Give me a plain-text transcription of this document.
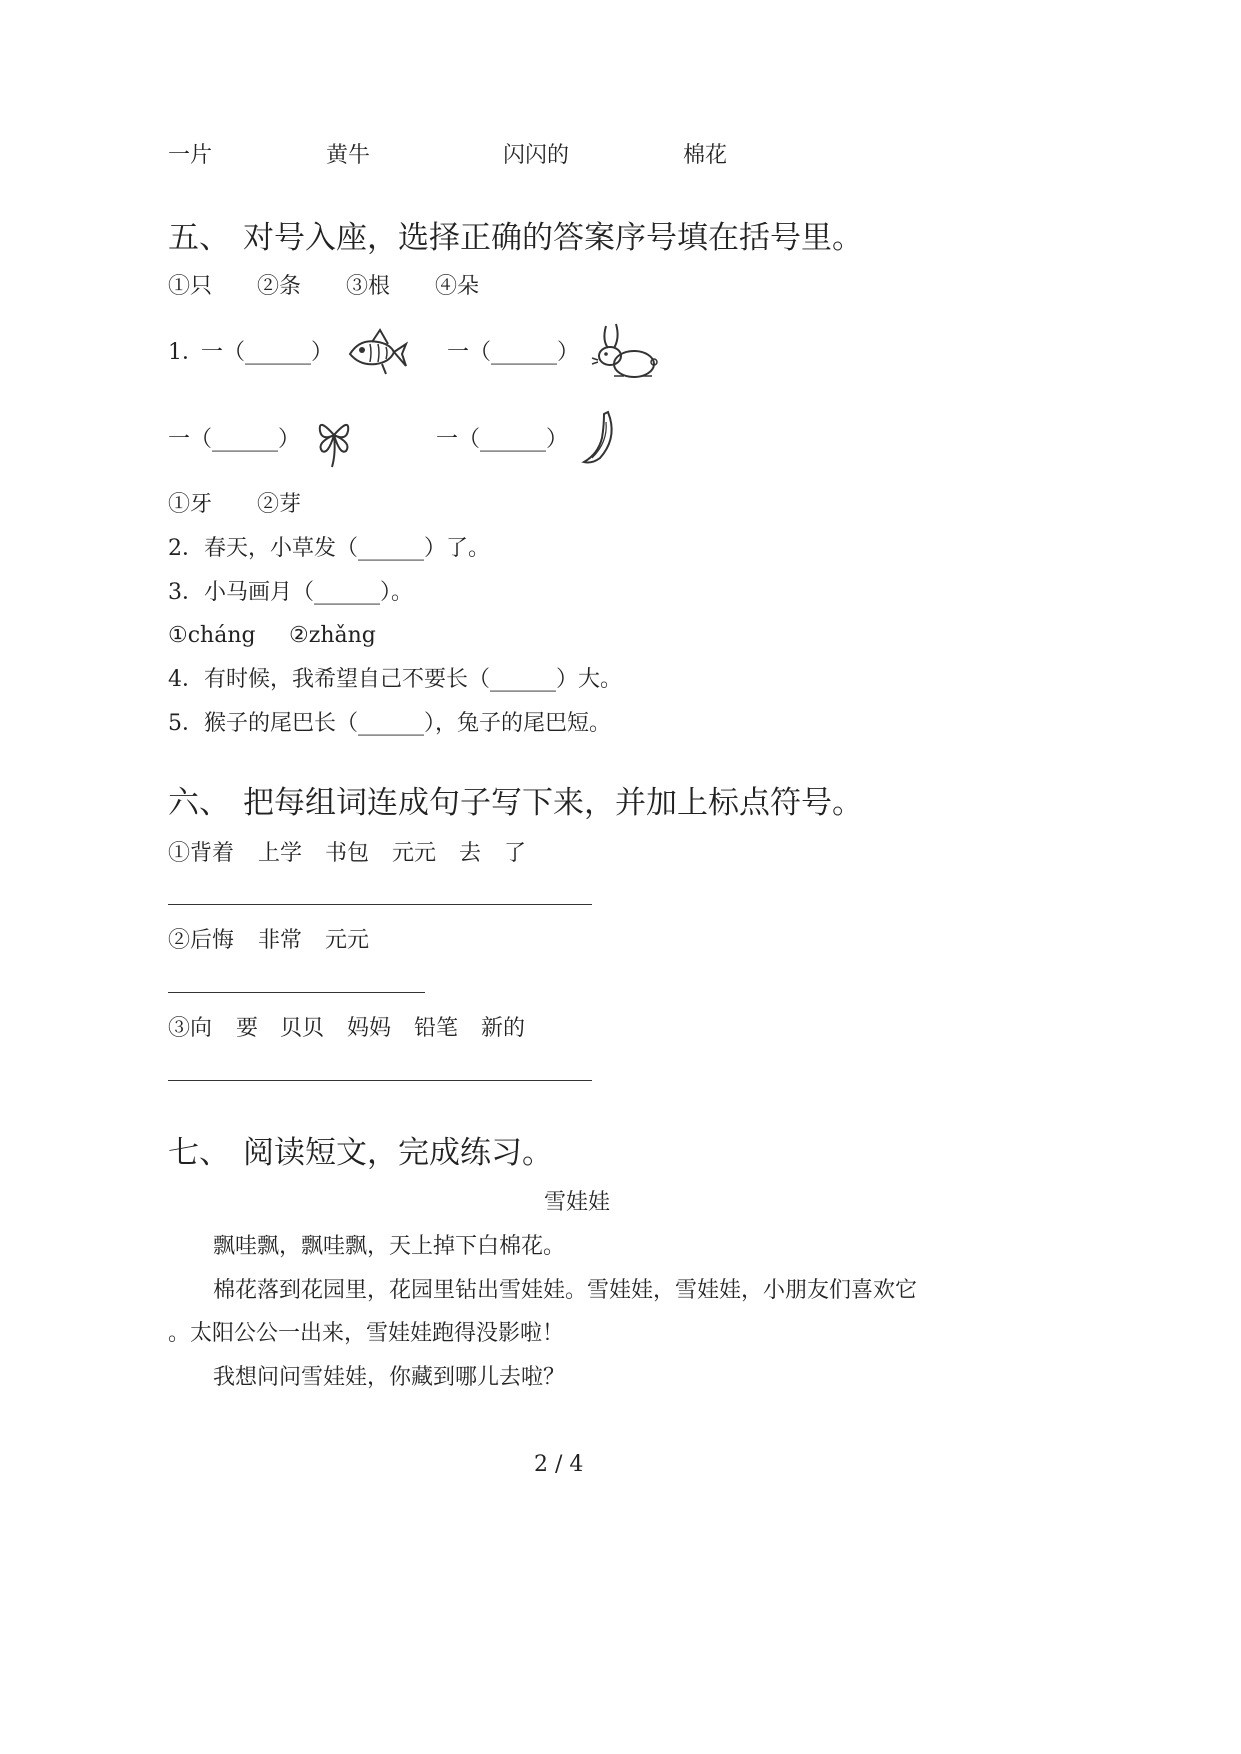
一片	黄牛	闪闪的	棉花
五、 对号入座，选择正确的答案序号填在括号里。
①只 ②条 ③根 ④朵
1．
一（______）	一（______）
一（______）	一（______）
①牙 ②芽
2．春天，小草发（______）了。
3．小马画月（______）。
①cháng ②zhǎng
4．有时候，我希望自己不要长（______）大。
5．猴子的尾巴长（______），兔子的尾巴短。
六、 把每组词连成句子写下来，并加上标点符号。
①背着 上学 书包 元元 去 了
②后悔 非常 元元
③向 要 贝贝 妈妈 铅笔 新的
七、 阅读短文，完成练习。
雪娃娃
飘哇飘，飘哇飘，天上掉下白棉花。
棉花落到花园里，花园里钻出雪娃娃。雪娃娃，雪娃娃，小朋友们喜欢它
。太阳公公一出来，雪娃娃跑得没影啦！
我想问问雪娃娃，你藏到哪儿去啦？
2 / 4
